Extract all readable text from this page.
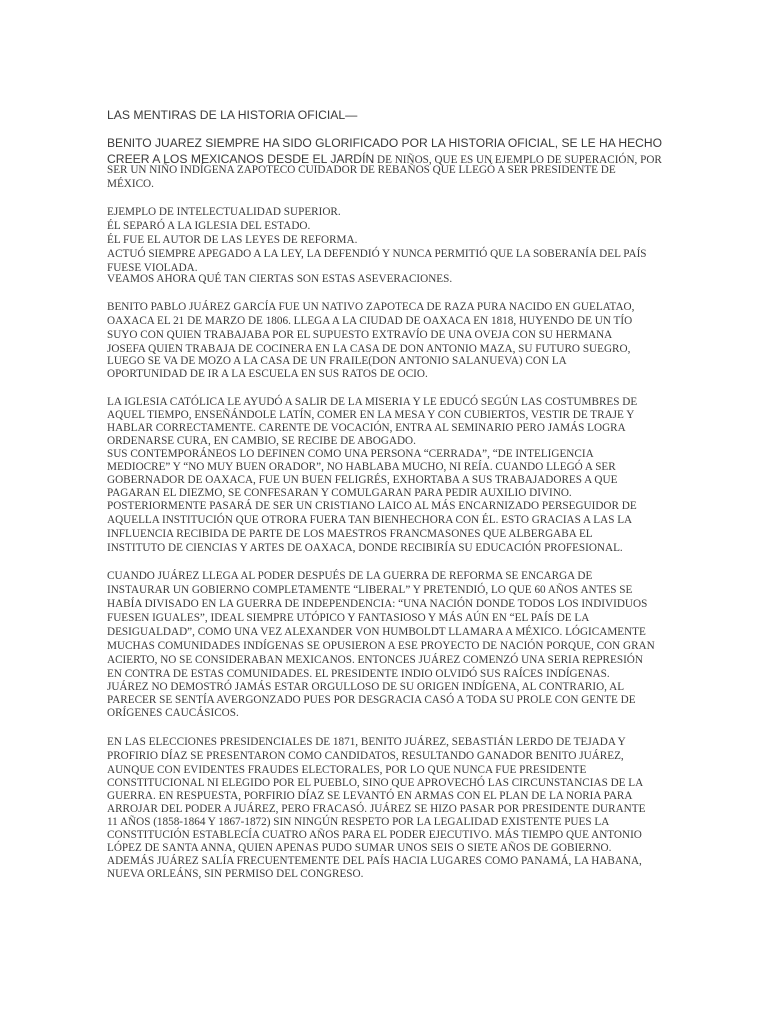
LAS MENTIRAS DE LA HISTORIA OFICIAL—
BENITO JUAREZ SIEMPRE HA SIDO GLORIFICADO POR LA HISTORIA OFICIAL, SE LE HA HECHO
CREER A LOS MEXICANOS DESDE EL JARDÍN DE NIÑOS, QUE ES UN EJEMPLO DE SUPERACIÓN, POR
SER UN NIÑO INDÍGENA ZAPOTECO CUIDADOR DE REBAÑOS QUE LLEGÓ A SER PRESIDENTE DE
MÉXICO.
EJEMPLO DE INTELECTUALIDAD SUPERIOR.
ÉL SEPARÓ A LA IGLESIA DEL ESTADO.
ÉL FUE EL AUTOR DE LAS LEYES DE REFORMA.
ACTUÓ SIEMPRE APEGADO A LA LEY, LA DEFENDIÓ Y NUNCA PERMITIÓ QUE LA SOBERANÍA DEL PAÍS
FUESE VIOLADA.
VEAMOS AHORA QUÉ TAN CIERTAS SON ESTAS ASEVERACIONES.
BENITO PABLO JUÁREZ GARCÍA FUE UN NATIVO ZAPOTECA DE RAZA PURA NACIDO EN GUELATAO,
OAXACA EL 21 DE MARZO DE 1806. LLEGA A LA CIUDAD DE OAXACA EN 1818, HUYENDO DE UN TÍO
SUYO CON QUIEN TRABAJABA POR EL SUPUESTO EXTRAVÍO DE UNA OVEJA CON SU HERMANA
JOSEFA QUIEN TRABAJA DE COCINERA EN LA CASA DE DON ANTONIO MAZA, SU FUTURO SUEGRO,
LUEGO SE VA DE MOZO A LA CASA DE UN FRAILE(DON ANTONIO SALANUEVA) CON LA
OPORTUNIDAD DE IR A LA ESCUELA EN SUS RATOS DE OCIO.
LA IGLESIA CATÓLICA LE AYUDÓ A SALIR DE LA MISERIA Y LE EDUCÓ SEGÚN LAS COSTUMBRES DE
AQUEL TIEMPO, ENSEÑÁNDOLE LATÍN, COMER EN LA MESA Y CON CUBIERTOS, VESTIR DE TRAJE Y
HABLAR CORRECTAMENTE. CARENTE DE VOCACIÓN, ENTRA AL SEMINARIO PERO JAMÁS LOGRA
ORDENARSE CURA, EN CAMBIO, SE RECIBE DE ABOGADO.
SUS CONTEMPORÁNEOS LO DEFINEN COMO UNA PERSONA “CERRADA”, “DE INTELIGENCIA
MEDIOCRE” Y “NO MUY BUEN ORADOR”, NO HABLABA MUCHO, NI REÍA. CUANDO LLEGÓ A SER
GOBERNADOR DE OAXACA, FUE UN BUEN FELIGRÉS, EXHORTABA A SUS TRABAJADORES A QUE
PAGARAN EL DIEZMO, SE CONFESARAN Y COMULGARAN PARA PEDIR AUXILIO DIVINO.
POSTERIORMENTE PASARÁ DE SER UN CRISTIANO LAICO AL MÁS ENCARNIZADO PERSEGUIDOR DE
AQUELLA INSTITUCIÓN QUE OTRORA FUERA TAN BIENHECHORA CON ÉL. ESTO GRACIAS A LAS LA
INFLUENCIA RECIBIDA DE PARTE DE LOS MAESTROS FRANCMASONES QUE ALBERGABA EL
INSTITUTO DE CIENCIAS Y ARTES DE OAXACA, DONDE RECIBIRÍA SU EDUCACIÓN PROFESIONAL.
CUANDO JUÁREZ LLEGA AL PODER DESPUÉS DE LA GUERRA DE REFORMA SE ENCARGA DE
INSTAURAR UN GOBIERNO COMPLETAMENTE “LIBERAL” Y PRETENDIÓ, LO QUE 60 AÑOS ANTES SE
HABÍA DIVISADO EN LA GUERRA DE INDEPENDENCIA: “UNA NACIÓN DONDE TODOS LOS INDIVIDUOS
FUESEN IGUALES”, IDEAL SIEMPRE UTÓPICO Y FANTASIOSO Y MÁS AÚN EN “EL PAÍS DE LA
DESIGUALDAD”, COMO UNA VEZ ALEXANDER VON HUMBOLDT LLAMARA A MÉXICO. LÓGICAMENTE
MUCHAS COMUNIDADES INDÍGENAS SE OPUSIERON A ESE PROYECTO DE NACIÓN PORQUE, CON GRAN
ACIERTO, NO SE CONSIDERABAN MEXICANOS. ENTONCES JUÁREZ COMENZÓ UNA SERIA REPRESIÓN
EN CONTRA DE ESTAS COMUNIDADES. EL PRESIDENTE INDIO OLVIDÓ SUS RAÍCES INDÍGENAS.
JUÁREZ NO DEMOSTRÓ JAMÁS ESTAR ORGULLOSO DE SU ORIGEN INDÍGENA, AL CONTRARIO, AL
PARECER SE SENTÍA AVERGONZADO PUES POR DESGRACIA CASÓ A TODA SU PROLE CON GENTE DE
ORÍGENES CAUCÁSICOS.
EN LAS ELECCIONES PRESIDENCIALES DE 1871, BENITO JUÁREZ, SEBASTIÁN LERDO DE TEJADA Y
PROFIRIO DÍAZ SE PRESENTARON COMO CANDIDATOS, RESULTANDO GANADOR BENITO JUÁREZ,
AUNQUE CON EVIDENTES FRAUDES ELECTORALES, POR LO QUE NUNCA FUE PRESIDENTE
CONSTITUCIONAL NI ELEGIDO POR EL PUEBLO, SINO QUE APROVECHÓ LAS CIRCUNSTANCIAS DE LA
GUERRA. EN RESPUESTA, PORFIRIO DÍAZ SE LEVANTÓ EN ARMAS CON EL PLAN DE LA NORIA PARA
ARROJAR DEL PODER A JUÁREZ, PERO FRACASÓ. JUÁREZ SE HIZO PASAR POR PRESIDENTE DURANTE
11 AÑOS (1858-1864 Y 1867-1872) SIN NINGÚN RESPETO POR LA LEGALIDAD EXISTENTE PUES LA
CONSTITUCIÓN ESTABLECÍA CUATRO AÑOS PARA EL PODER EJECUTIVO. MÁS TIEMPO QUE ANTONIO
LÓPEZ DE SANTA ANNA, QUIEN APENAS PUDO SUMAR UNOS SEIS O SIETE AÑOS DE GOBIERNO.
ADEMÁS JUÁREZ SALÍA FRECUENTEMENTE DEL PAÍS HACIA LUGARES COMO PANAMÁ, LA HABANA,
NUEVA ORLEÁNS, SIN PERMISO DEL CONGRESO.
